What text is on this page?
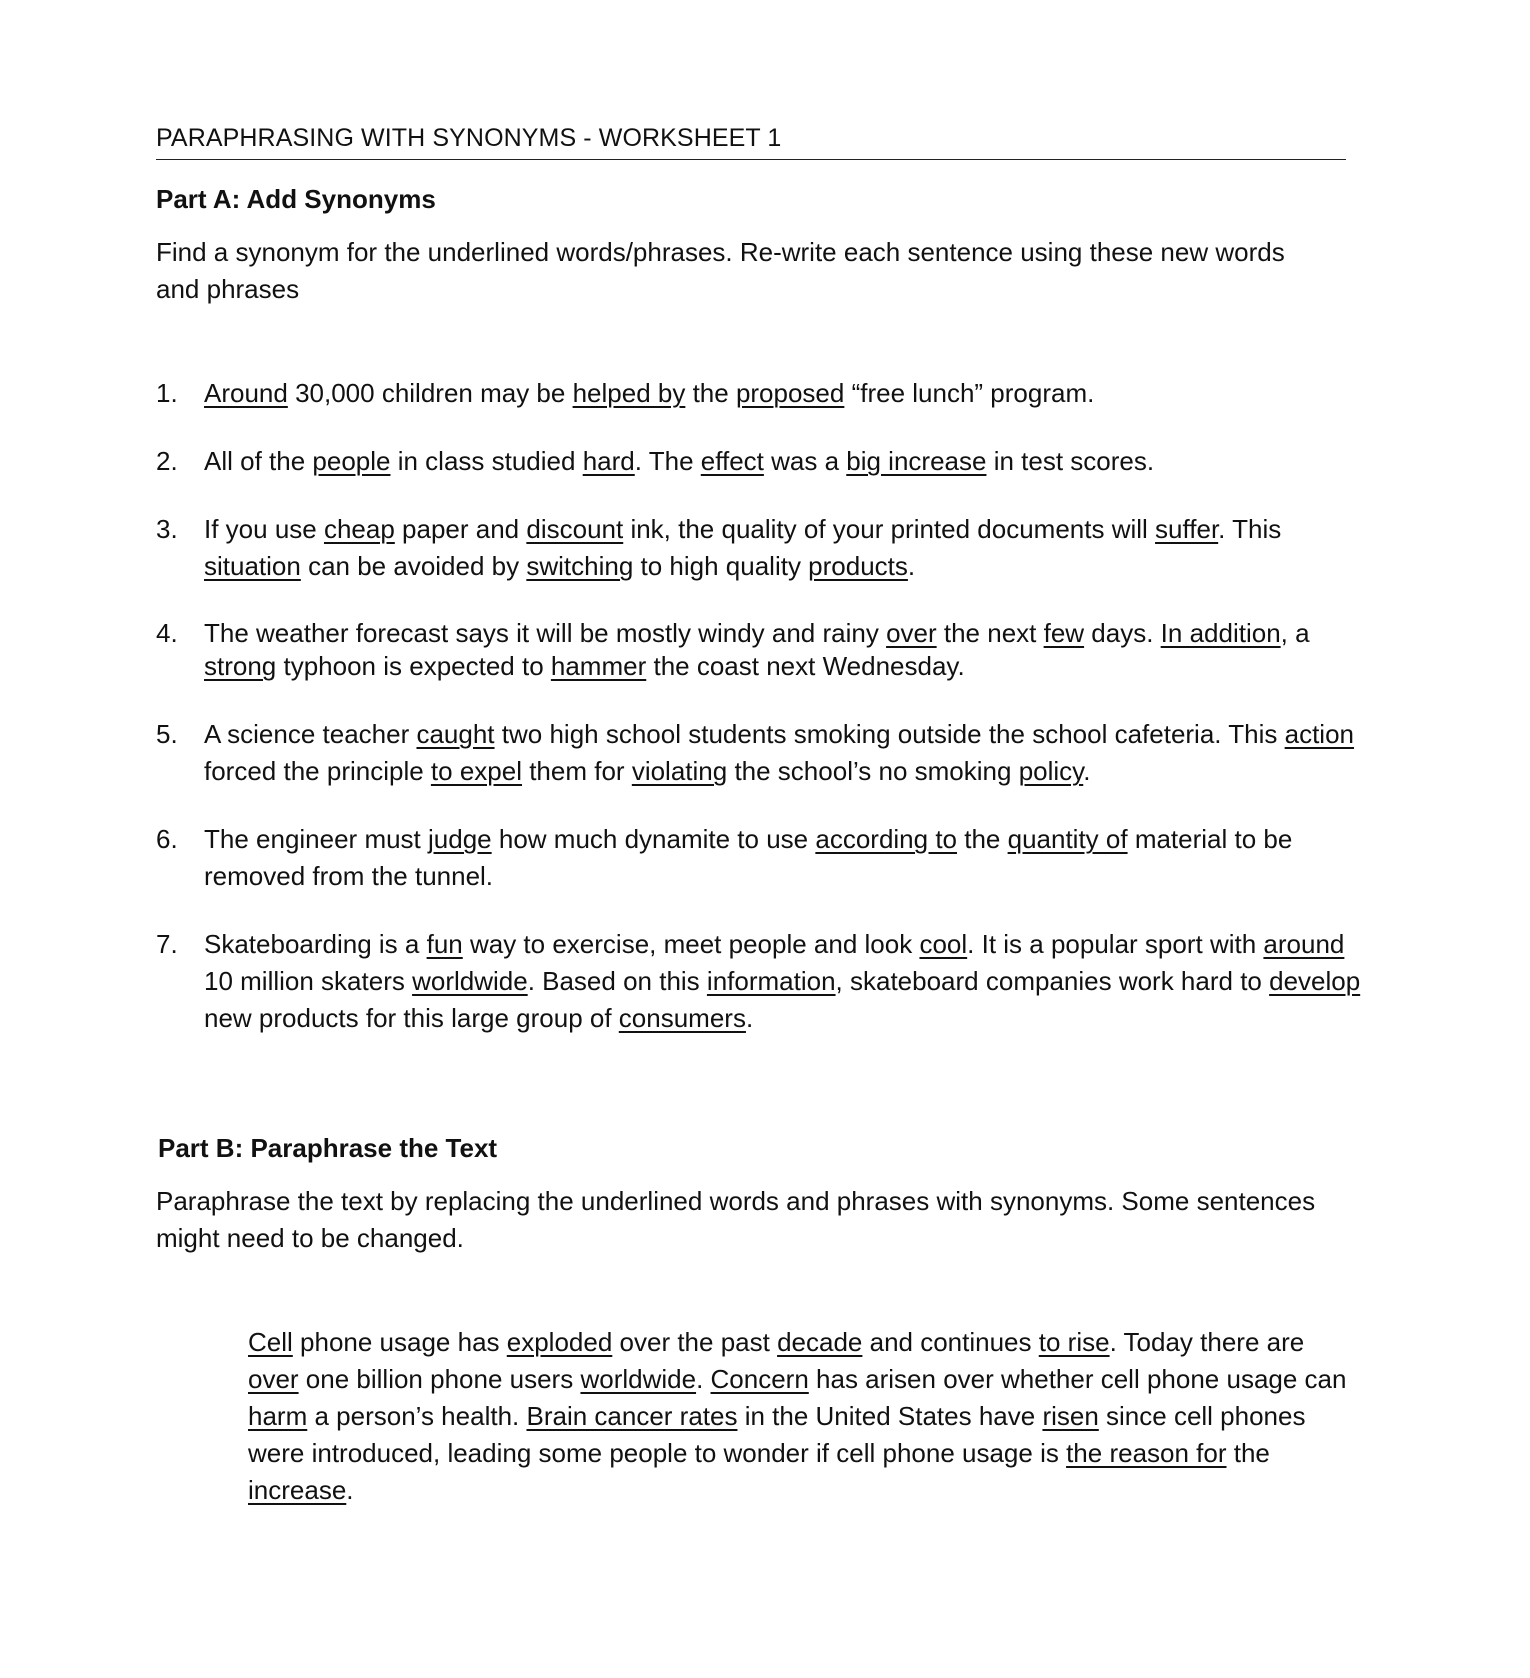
PARAPHRASING WITH SYNONYMS - WORKSHEET 1
Part A: Add Synonyms
Find a synonym for the underlined words/phrases. Re-write each sentence using these new words and phrases
1.	Around 30,000 children may be helped by the proposed “free lunch” program.
2.	All of the people in class studied hard. The effect was a big increase in test scores.
3.	If you use cheap paper and discount ink, the quality of your printed documents will suffer. This situation can be avoided by switching to high quality products.
4.	The weather forecast says it will be mostly windy and rainy over the next few days. In addition, a strong typhoon is expected to hammer the coast next Wednesday.
5.	A science teacher caught two high school students smoking outside the school cafeteria. This action forced the principle to expel them for violating the school’s no smoking policy.
6.	The engineer must judge how much dynamite to use according to the quantity of material to be removed from the tunnel.
7.	Skateboarding is a fun way to exercise, meet people and look cool. It is a popular sport with around 10 million skaters worldwide. Based on this information, skateboard companies work hard to develop new products for this large group of consumers.
Part B: Paraphrase the Text
Paraphrase the text by replacing the underlined words and phrases with synonyms. Some sentences might need to be changed.
Cell phone usage has exploded over the past decade and continues to rise. Today there are over one billion phone users worldwide. Concern has arisen over whether cell phone usage can harm a person’s health. Brain cancer rates in the United States have risen since cell phones were introduced, leading some people to wonder if cell phone usage is the reason for the increase.
